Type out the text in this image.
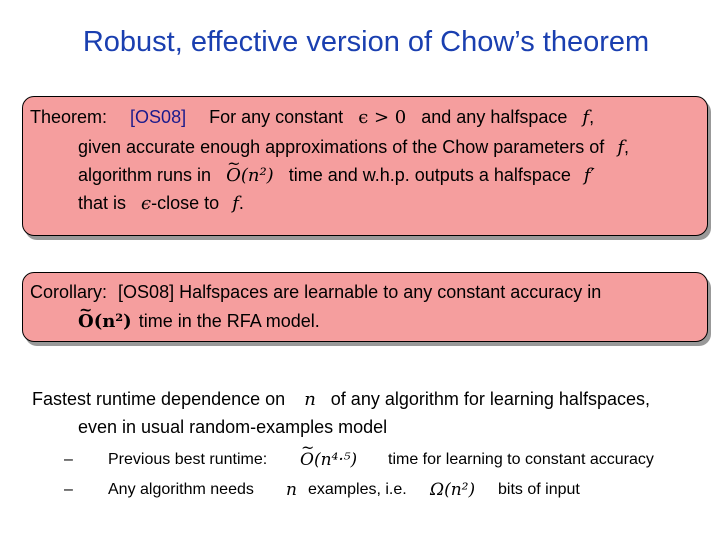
Robust, effective version of Chow’s theorem
Theorem: [OS08] For any constant ϵ > 0 and any halfspace f,
given accurate enough approximations of the Chow parameters of f,
algorithm runs in ~ O(n²) time and w.h.p. outputs a halfspace f′
that is ϵ-close to f.
Corollary: [OS08] Halfspaces are learnable to any constant accuracy in
~ O(n²) time in the RFA model.
Fastest runtime dependence on n of any algorithm for learning halfspaces,
even in usual random-examples model
– Previous best runtime: ~ O(n⁴·⁵) time for learning to constant accuracy
– Any algorithm needs n examples, i.e. Ω(n²) bits of input
